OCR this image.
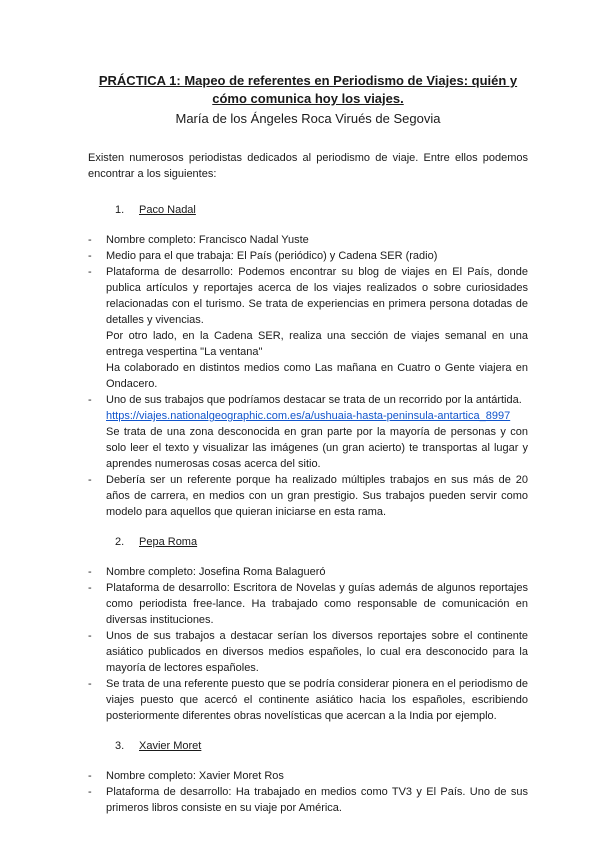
PRÁCTICA 1: Mapeo de referentes en Periodismo de Viajes: quién y
cómo comunica hoy los viajes.
María de los Ángeles Roca Virués de Segovia

Existen numerosos periodistas dedicados al periodismo de viaje. Entre ellos podemos encontrar a los siguientes:

1. Paco Nadal
- Nombre completo: Francisco Nadal Yuste

- Medio para el que trabaja: El País (periódico) y Cadena SER (radio)

- Plataforma de desarrollo: Podemos encontrar su blog de viajes en El País, donde publica artículos y reportajes acerca de los viajes realizados o sobre curiosidades relacionadas con el turismo. Se trata de experiencias en primera persona dotadas de detalles y vivencias.

Por otro lado, en la Cadena SER, realiza una sección de viajes semanal en una entrega vespertina "La ventana"

Ha colaborado en distintos medios como Las mañana en Cuatro o Gente viajera en Ondacero.

- Uno de sus trabajos que podríamos destacar se trata de un recorrido por la antártida.

https://viajes.nationalgeographic.com.es/a/ushuaia-hasta-peninsula-antartica_8997

Se trata de una zona desconocida en gran parte por la mayoría de personas y con solo leer el texto y visualizar las imágenes (un gran acierto) te transportas al lugar y aprendes numerosas cosas acerca del sitio.

- Debería ser un referente porque ha realizado múltiples trabajos en sus más de 20 años de carrera, en medios con un gran prestigio. Sus trabajos pueden servir como modelo para aquellos que quieran iniciarse en esta rama.

2. Pepa Roma
- Nombre completo: Josefina Roma Balagueró

- Plataforma de desarrollo: Escritora de Novelas y guías además de algunos reportajes como periodista free-lance. Ha trabajado como responsable de comunicación en diversas instituciones.

- Unos de sus trabajos a destacar serían los diversos reportajes sobre el continente asiático publicados en diversos medios españoles, lo cual era desconocido para la mayoría de lectores españoles.

- Se trata de una referente puesto que se podría considerar pionera en el periodismo de viajes puesto que acercó el continente asiático hacia los españoles, escribiendo posteriormente diferentes obras novelísticas que acercan a la India por ejemplo.

3. Xavier Moret
- Nombre completo: Xavier Moret Ros

- Plataforma de desarrollo: Ha trabajado en medios como TV3 y El País. Uno de sus primeros libros consiste en su viaje por América.
